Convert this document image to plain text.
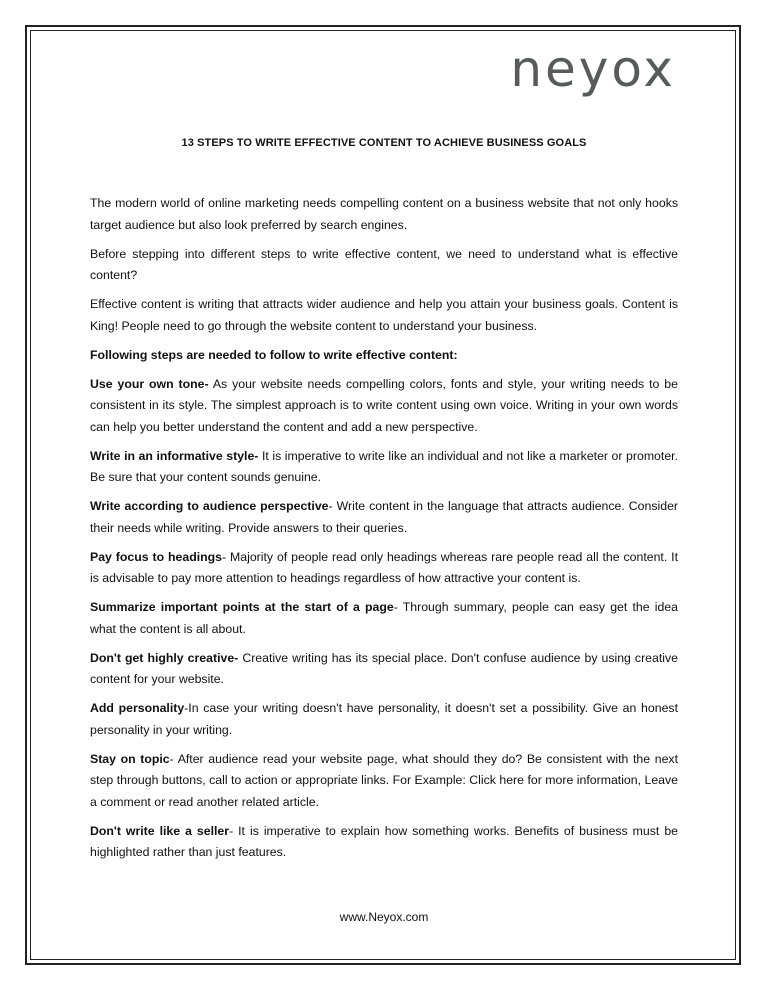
neyox
13 STEPS TO WRITE EFFECTIVE CONTENT TO ACHIEVE BUSINESS GOALS

The modern world of online marketing needs compelling content on a business website that not only hooks target audience but also look preferred by search engines.

Before stepping into different steps to write effective content, we need to understand what is effective content?

Effective content is writing that attracts wider audience and help you attain your business goals. Content is King! People need to go through the website content to understand your business.

Following steps are needed to follow to write effective content:

Use your own tone- As your website needs compelling colors, fonts and style, your writing needs to be consistent in its style. The simplest approach is to write content using own voice. Writing in your own words can help you better understand the content and add a new perspective.

Write in an informative style- It is imperative to write like an individual and not like a marketer or promoter. Be sure that your content sounds genuine.

Write according to audience perspective- Write content in the language that attracts audience. Consider their needs while writing. Provide answers to their queries.

Pay focus to headings- Majority of people read only headings whereas rare people read all the content. It is advisable to pay more attention to headings regardless of how attractive your content is.

Summarize important points at the start of a page- Through summary, people can easy get the idea what the content is all about.

Don't get highly creative- Creative writing has its special place. Don't confuse audience by using creative content for your website.

Add personality-In case your writing doesn't have personality, it doesn't set a possibility. Give an honest personality in your writing.

Stay on topic- After audience read your website page, what should they do? Be consistent with the next step through buttons, call to action or appropriate links. For Example: Click here for more information, Leave a comment or read another related article.

Don't write like a seller- It is imperative to explain how something works. Benefits of business must be highlighted rather than just features.

www.Neyox.com
